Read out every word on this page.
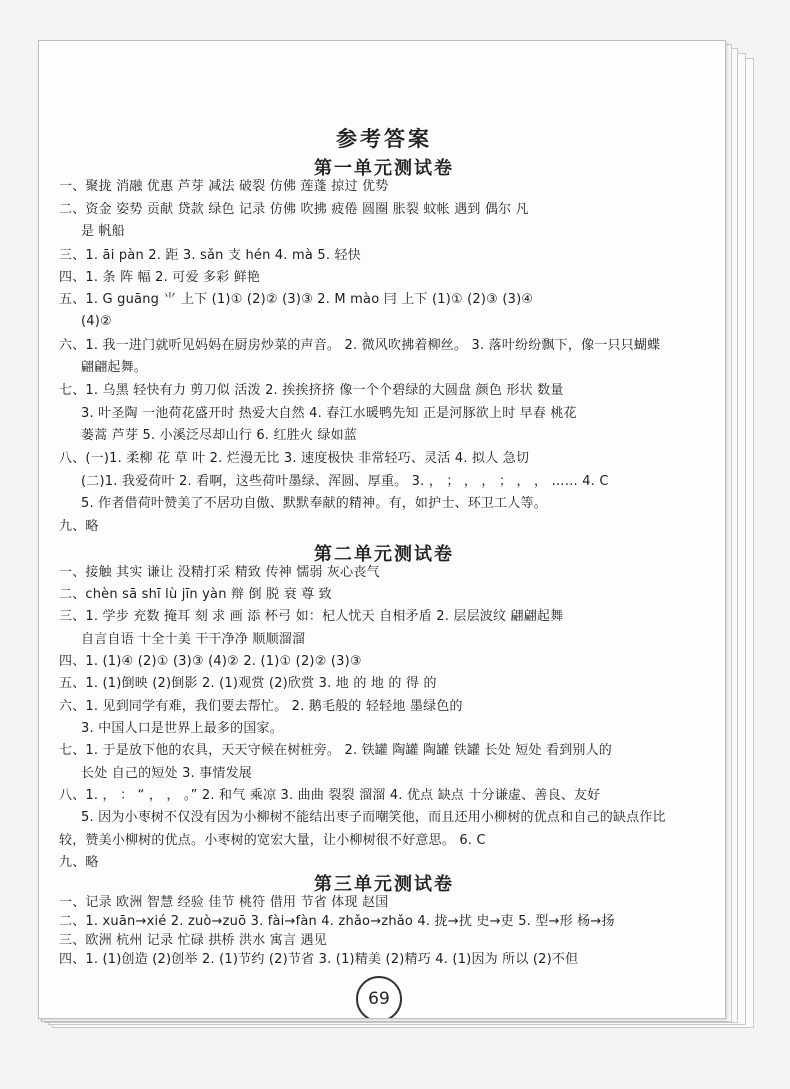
参考答案
第一单元测试卷
一、聚拢 消融 优惠 芦芽 减法 破裂 仿佛 莲蓬 掠过 优势
二、资金 姿势 贡献 贷款 绿色 记录 仿佛 吹拂 疲倦 圆圈 胀裂 蚊帐 遇到 偶尔 凡
是 帆船
三、1. āi pàn 2. 距 3. sǎn 支 hén 4. mà 5. 轻快
四、1. 条 阵 幅 2. 可爱 多彩 鲜艳
五、1. G guāng ⺌ 上下 (1)① (2)② (3)③ 2. M mào 冃 上下 (1)① (2)③ (3)④
(4)②
六、1. 我一进门就听见妈妈在厨房炒菜的声音。 2. 微风吹拂着柳丝。 3. 落叶纷纷飘下，像一只只蝴蝶
翩翩起舞。
七、1. 乌黑 轻快有力 剪刀似 活泼 2. 挨挨挤挤 像一个个碧绿的大圆盘 颜色 形状 数量
3. 叶圣陶 一池荷花盛开时 热爱大自然 4. 春江水暖鸭先知 正是河豚欲上时 早春 桃花
蒌蒿 芦芽 5. 小溪泛尽却山行 6. 红胜火 绿如蓝
八、(一)1. 柔柳 花 草 叶 2. 烂漫无比 3. 速度极快 非常轻巧、灵活 4. 拟人 急切
(二)1. 我爱荷叶 2. 看啊，这些荷叶墨绿、浑圆、厚重。 3. ， ； ， ， ； ， ， …… 4. C
5. 作者借荷叶赞美了不居功自傲、默默奉献的精神。有，如护士、环卫工人等。
九、略
第二单元测试卷
一、接触 其实 谦让 没精打采 精致 传神 懦弱 灰心丧气
二、chèn sā shī lù jīn yàn 辩 倒 脱 衰 尊 致
三、1. 学步 充数 掩耳 刻 求 画 添 杯弓 如：杞人忧天 自相矛盾 2. 层层波纹 翩翩起舞
自言自语 十全十美 干干净净 顺顺溜溜
四、1. (1)④ (2)① (3)③ (4)② 2. (1)① (2)② (3)③
五、1. (1)倒映 (2)倒影 2. (1)观赏 (2)欣赏 3. 地 的 地 的 得 的
六、1. 见到同学有难，我们要去帮忙。 2. 鹅毛般的 轻轻地 墨绿色的
3. 中国人口是世界上最多的国家。
七、1. 于是放下他的农具，天天守候在树桩旁。 2. 铁罐 陶罐 陶罐 铁罐 长处 短处 看到别人的
长处 自己的短处 3. 事情发展
八、1. ， ： “ ， ， 。” 2. 和气 乘凉 3. 曲曲 裂裂 溜溜 4. 优点 缺点 十分谦虚、善良、友好
5. 因为小枣树不仅没有因为小柳树不能结出枣子而嘲笑他，而且还用小柳树的优点和自己的缺点作比
较，赞美小柳树的优点。小枣树的宽宏大量，让小柳树很不好意思。 6. C
九、略
第三单元测试卷
一、记录 欧洲 智慧 经验 佳节 桃符 借用 节省 体现 赵国
二、1. xuān→xié 2. zuò→zuō 3. fài→fàn 4. zhǎo→zhǎo 4. 拢→扰 史→吏 5. 型→形 杨→扬
三、欧洲 杭州 记录 忙碌 拱桥 洪水 寓言 遇见
四、1. (1)创造 (2)创举 2. (1)节约 (2)节省 3. (1)精美 (2)精巧 4. (1)因为 所以 (2)不但
69
